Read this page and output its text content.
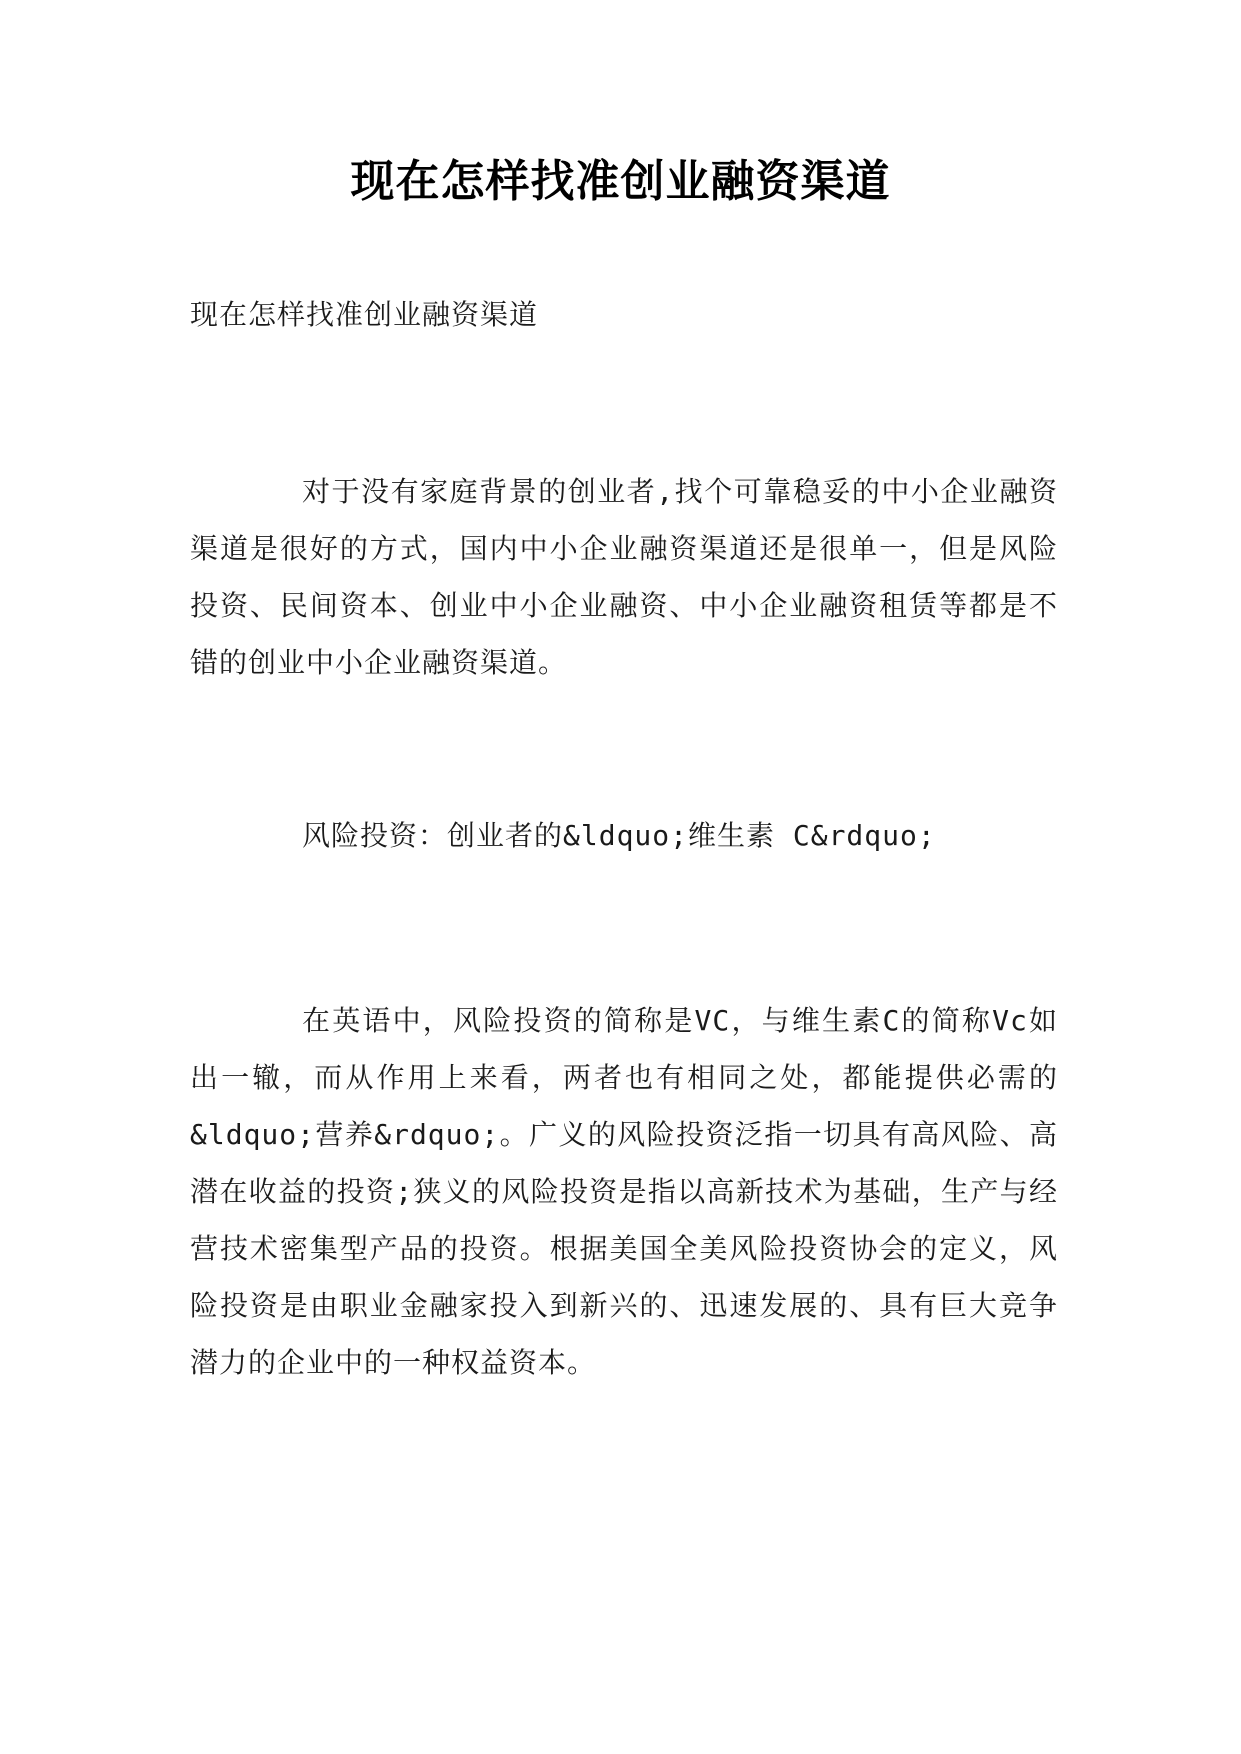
现在怎样找准创业融资渠道

现在怎样找准创业融资渠道

对于没有家庭背景的创业者,找个可靠稳妥的中小企业融资渠道是很好的方式，国内中小企业融资渠道还是很单一，但是风险投资、民间资本、创业中小企业融资、中小企业融资租赁等都是不错的创业中小企业融资渠道。

风险投资：创业者的&ldquo;维生素 C&rdquo;

在英语中，风险投资的简称是VC，与维生素C的简称Vc如出一辙，而从作用上来看，两者也有相同之处，都能提供必需的&ldquo;营养&rdquo;。广义的风险投资泛指一切具有高风险、高潜在收益的投资;狭义的风险投资是指以高新技术为基础，生产与经营技术密集型产品的投资。根据美国全美风险投资协会的定义，风险投资是由职业金融家投入到新兴的、迅速发展的、具有巨大竞争潜力的企业中的一种权益资本。
